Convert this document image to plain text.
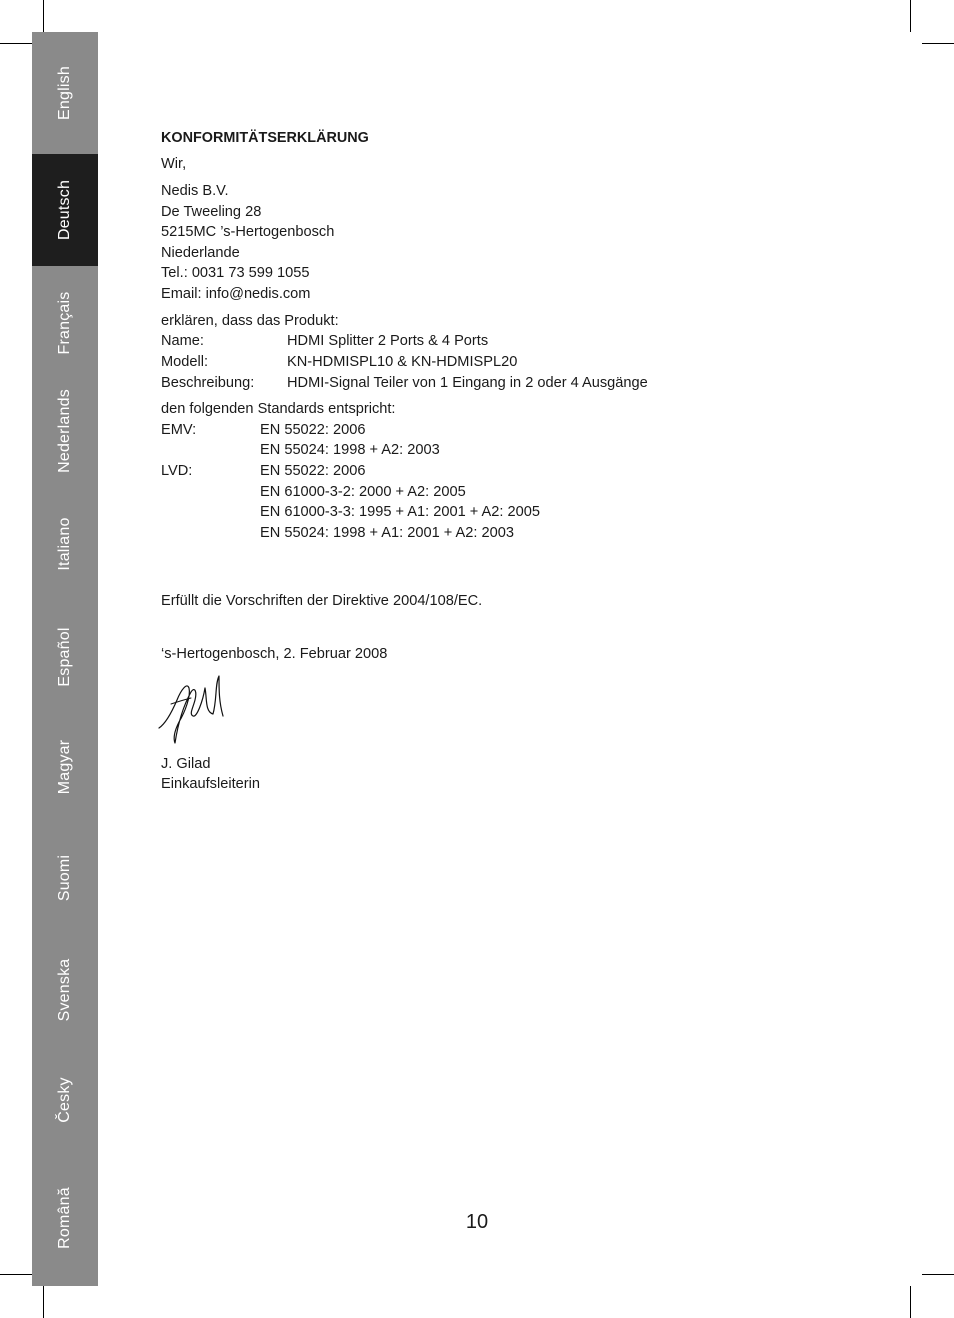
English
Deutsch
Français
Nederlands
Italiano
Español
Magyar
Suomi
Svenska
Česky
Română
KONFORMITÄTSERKLÄRUNG
Wir,
Nedis B.V.
De Tweeling 28
5215MC ’s-Hertogenbosch
Niederlande
Tel.: 0031 73 599 1055
Email: info@nedis.com
erklären, dass das Produkt:
Name:	HDMI Splitter 2 Ports & 4 Ports
Modell:	KN-HDMISPL10 & KN-HDMISPL20
Beschreibung: HDMI-Signal Teiler von 1 Eingang in 2 oder 4 Ausgänge
den folgenden Standards entspricht:
EMV:	EN 55022: 2006
EN 55024: 1998 + A2: 2003
LVD:	EN 55022: 2006
EN 61000-3-2: 2000 + A2: 2005
EN 61000-3-3: 1995 + A1: 2001 + A2: 2005
EN 55024: 1998 + A1: 2001 + A2: 2003
Erfüllt die Vorschriften der Direktive 2004/108/EC.
‘s-Hertogenbosch, 2. Februar 2008
J. Gilad
Einkaufsleiterin
10
